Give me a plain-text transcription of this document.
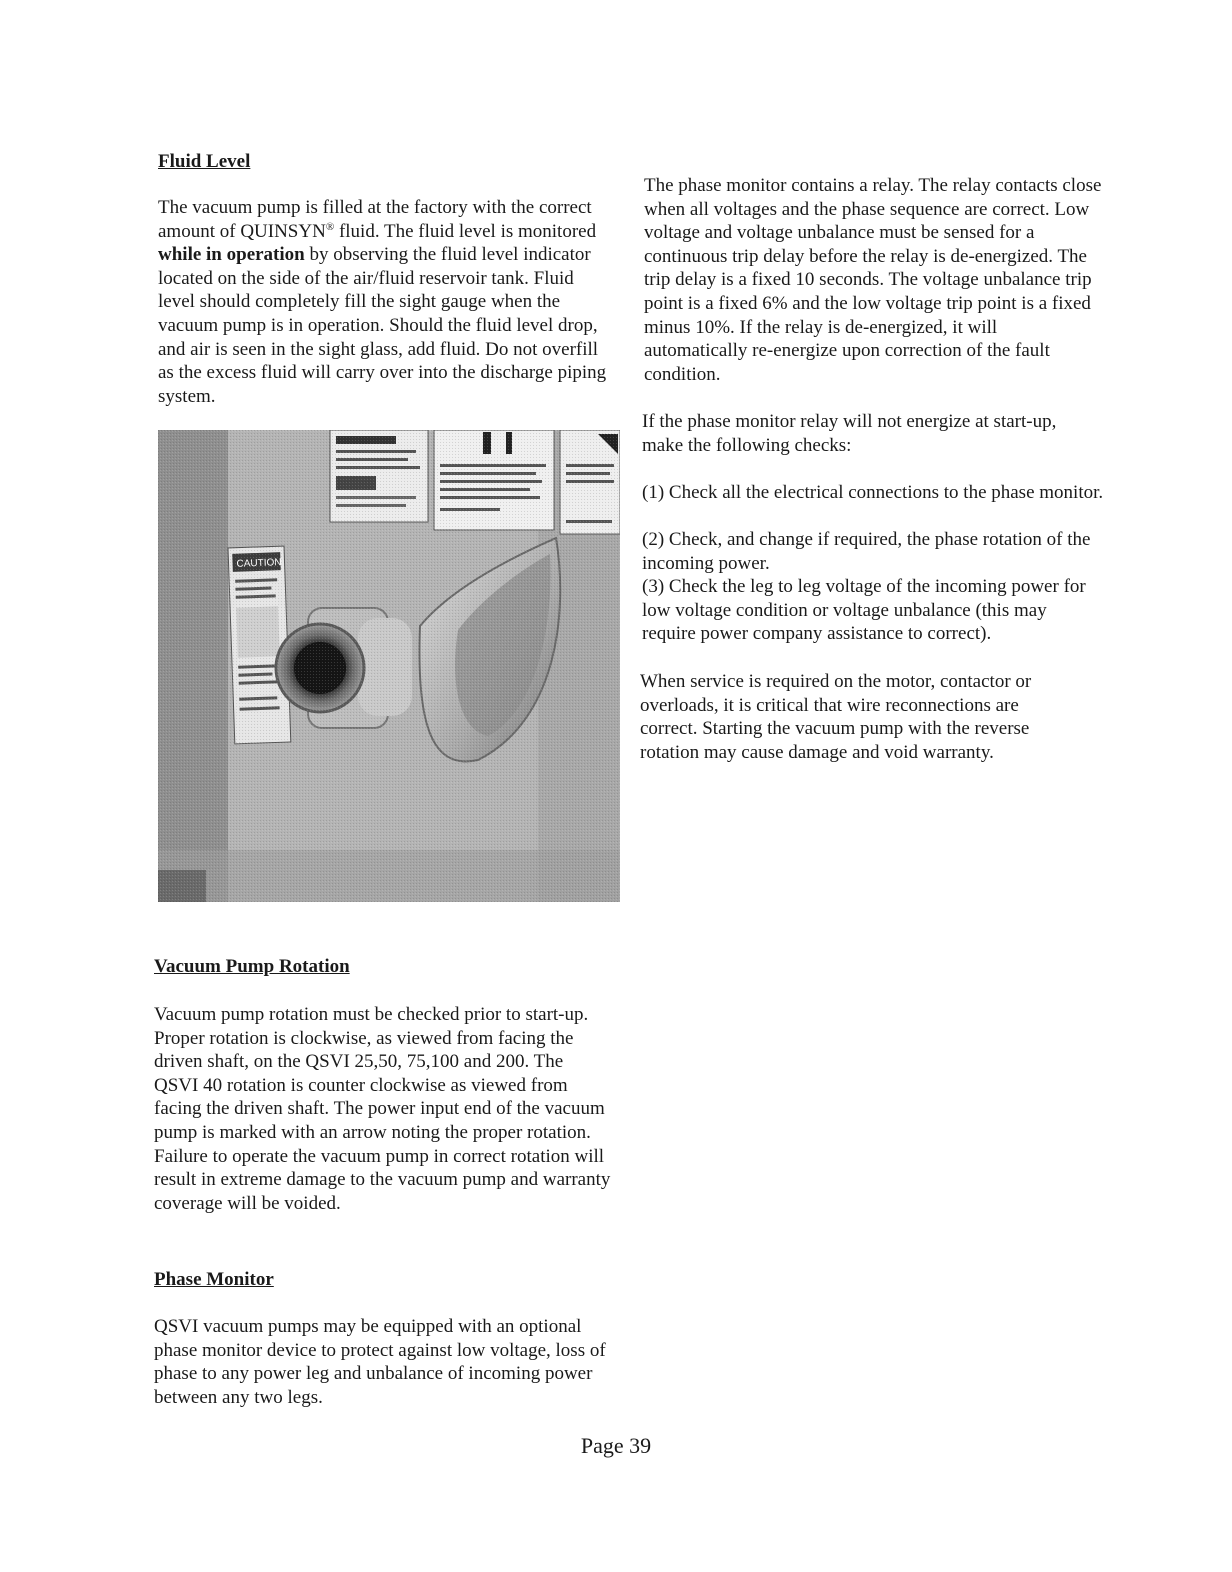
Fluid Level

The vacuum pump is filled at the factory with the correct amount of QUINSYN® fluid. The fluid level is monitored while in operation by observing the fluid level indicator located on the side of the air/fluid reservoir tank. Fluid level should completely fill the sight gauge when the vacuum pump is in operation. Should the fluid level drop, and air is seen in the sight glass, add fluid. Do not overfill as the excess fluid will carry over into the discharge piping system.

Vacuum Pump Rotation

Vacuum pump rotation must be checked prior to start-up. Proper rotation is clockwise, as viewed from facing the driven shaft, on the QSVI 25,50, 75,100 and 200. The QSVI 40 rotation is counter clockwise as viewed from facing the driven shaft. The power input end of the vacuum pump is marked with an arrow noting the proper rotation. Failure to operate the vacuum pump in correct rotation will result in extreme damage to the vacuum pump and warranty coverage will be voided.

Phase Monitor

QSVI vacuum pumps may be equipped with an optional phase monitor device to protect against low voltage, loss of phase to any power leg and unbalance of incoming power between any two legs.

The phase monitor contains a relay. The relay contacts close when all voltages and the phase sequence are correct. Low voltage and voltage unbalance must be sensed for a continuous trip delay before the relay is de-energized. The trip delay is a fixed 10 seconds. The voltage unbalance trip point is a fixed 6% and the low voltage trip point is a fixed minus 10%. If the relay is de-energized, it will automatically re-energize upon correction of the fault condition.

If the phase monitor relay will not energize at start-up, make the following checks:

(1) Check all the electrical connections to the phase monitor.

(2) Check, and change if required, the phase rotation of the incoming power.

(3) Check the leg to leg voltage of the incoming power for low voltage condition or voltage unbalance (this may require power company assistance to correct).

When service is required on the motor, contactor or overloads, it is critical that wire reconnections are correct. Starting the vacuum pump with the reverse rotation may cause damage and void warranty.

Page 39
